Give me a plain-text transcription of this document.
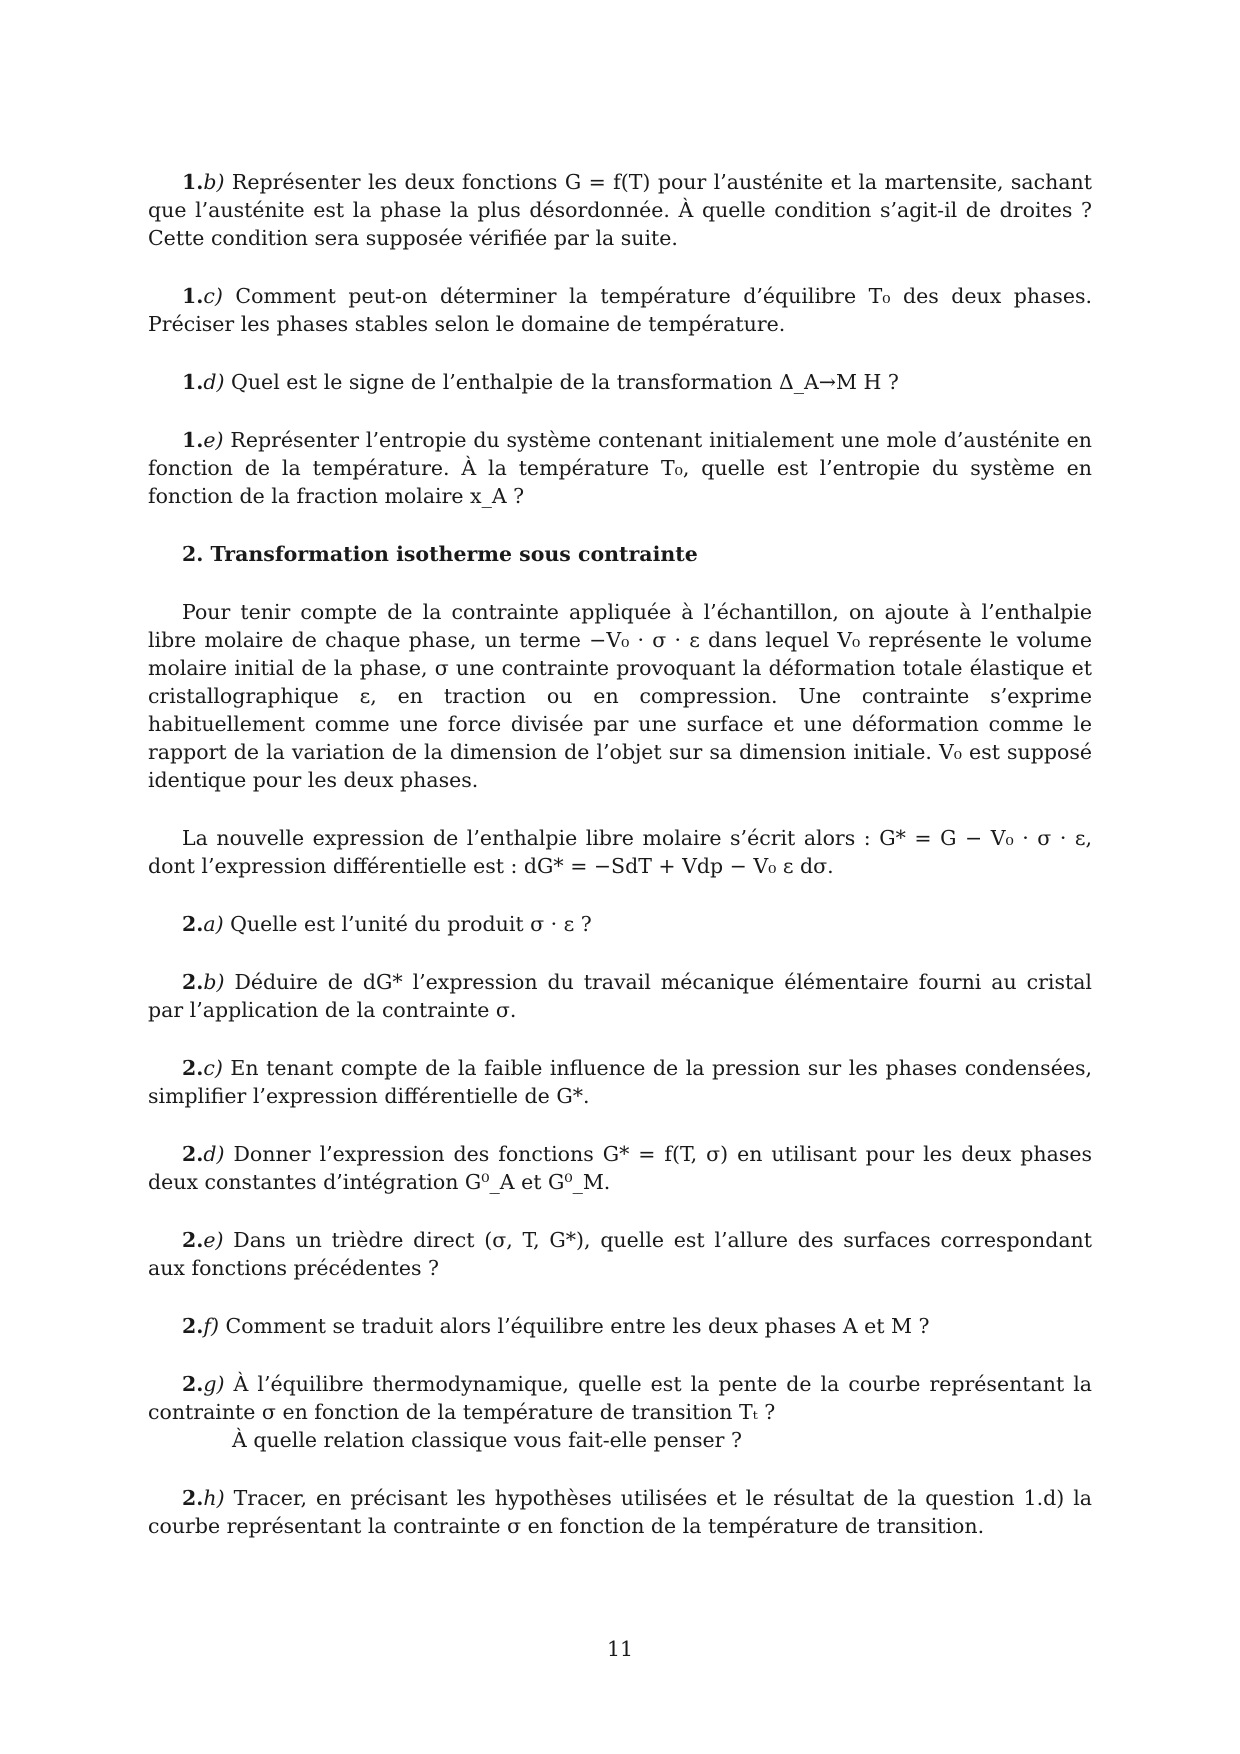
1.b) Représenter les deux fonctions G = f(T) pour l’austénite et la martensite, sachant que l’austénite est la phase la plus désordonnée. À quelle condition s’agit-il de droites ? Cette condition sera supposée vérifiée par la suite.

1.c) Comment peut-on déterminer la température d’équilibre T₀ des deux phases. Préciser les phases stables selon le domaine de température.

1.d) Quel est le signe de l’enthalpie de la transformation Δ_A→M H ?

1.e) Représenter l’entropie du système contenant initialement une mole d’austénite en fonction de la température. À la température T₀, quelle est l’entropie du système en fonction de la fraction molaire x_A ?

2. Transformation isotherme sous contrainte

Pour tenir compte de la contrainte appliquée à l’échantillon, on ajoute à l’enthalpie libre molaire de chaque phase, un terme −V₀ · σ · ε dans lequel V₀ représente le volume molaire initial de la phase, σ une contrainte provoquant la déformation totale élastique et cristallographique ε, en traction ou en compression. Une contrainte s’exprime habituellement comme une force divisée par une surface et une déformation comme le rapport de la variation de la dimension de l’objet sur sa dimension initiale. V₀ est supposé identique pour les deux phases.

La nouvelle expression de l’enthalpie libre molaire s’écrit alors : G* = G − V₀ · σ · ε, dont l’expression différentielle est : dG* = −SdT + Vdp − V₀ ε dσ.

2.a) Quelle est l’unité du produit σ · ε ?

2.b) Déduire de dG* l’expression du travail mécanique élémentaire fourni au cristal par l’application de la contrainte σ.

2.c) En tenant compte de la faible influence de la pression sur les phases condensées, simplifier l’expression différentielle de G*.

2.d) Donner l’expression des fonctions G* = f(T, σ) en utilisant pour les deux phases deux constantes d’intégration G⁰_A et G⁰_M.

2.e) Dans un trièdre direct (σ, T, G*), quelle est l’allure des surfaces correspondant aux fonctions précédentes ?

2.f) Comment se traduit alors l’équilibre entre les deux phases A et M ?

2.g) À l’équilibre thermodynamique, quelle est la pente de la courbe représentant la contrainte σ en fonction de la température de transition Tₜ ?
À quelle relation classique vous fait-elle penser ?

2.h) Tracer, en précisant les hypothèses utilisées et le résultat de la question 1.d) la courbe représentant la contrainte σ en fonction de la température de transition.

11
